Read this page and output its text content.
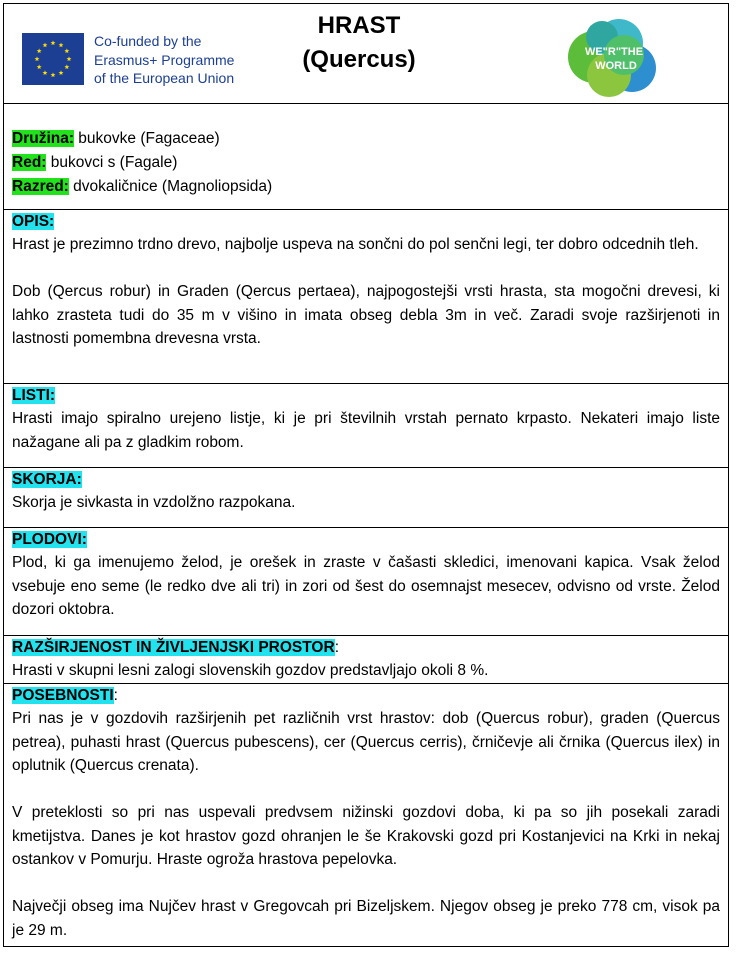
Co-funded by the
Erasmus+ Programme
of the European Union
HRAST
(Quercus)	WE"R"THE
WORLD
Družina: bukovke (Fagaceae)
Red: bukovci s (Fagale)
Razred: dvokaličnice (Magnoliopsida)
OPIS:

Hrast je prezimno trdno drevo, najbolje uspeva na sončni do pol senčni legi, ter dobro odcednih tleh.

Dob (Qercus robur) in Graden (Qercus pertaea), najpogostejši vrsti hrasta, sta mogočni drevesi, ki lahko zrasteta tudi do 35 m v višino in imata obseg debla 3m in več. Zaradi svoje razširjenoti in lastnosti pomembna drevesna vrsta.

LISTI:

Hrasti imajo spiralno urejeno listje, ki je pri številnih vrstah pernato krpasto. Nekateri imajo liste nažagane ali pa z gladkim robom.

SKORJA:

Skorja je sivkasta in vzdolžno razpokana.

PLODOVI:

Plod, ki ga imenujemo želod, je orešek in zraste v čašasti skledici, imenovani kapica. Vsak želod vsebuje eno seme (le redko dve ali tri) in zori od šest do osemnajst mesecev, odvisno od vrste. Želod dozori oktobra.

RAZŠIRJENOST IN ŽIVLJENJSKI PROSTOR:

Hrasti v skupni lesni zalogi slovenskih gozdov predstavljajo okoli 8 %.

POSEBNOSTI:

Pri nas je v gozdovih razširjenih pet različnih vrst hrastov: dob (Quercus robur), graden (Quercus petrea), puhasti hrast (Quercus pubescens), cer (Quercus cerris), črničevje ali črnika (Quercus ilex) in oplutnik (Quercus crenata).

V preteklosti so pri nas uspevali predvsem nižinski gozdovi doba, ki pa so jih posekali zaradi kmetijstva. Danes je kot hrastov gozd ohranjen le še Krakovski gozd pri Kostanjevici na Krki in nekaj ostankov v Pomurju. Hraste ogroža hrastova pepelovka.

Največji obseg ima Nujčev hrast v Gregovcah pri Bizeljskem. Njegov obseg je preko 778 cm, visok pa je 29 m.
